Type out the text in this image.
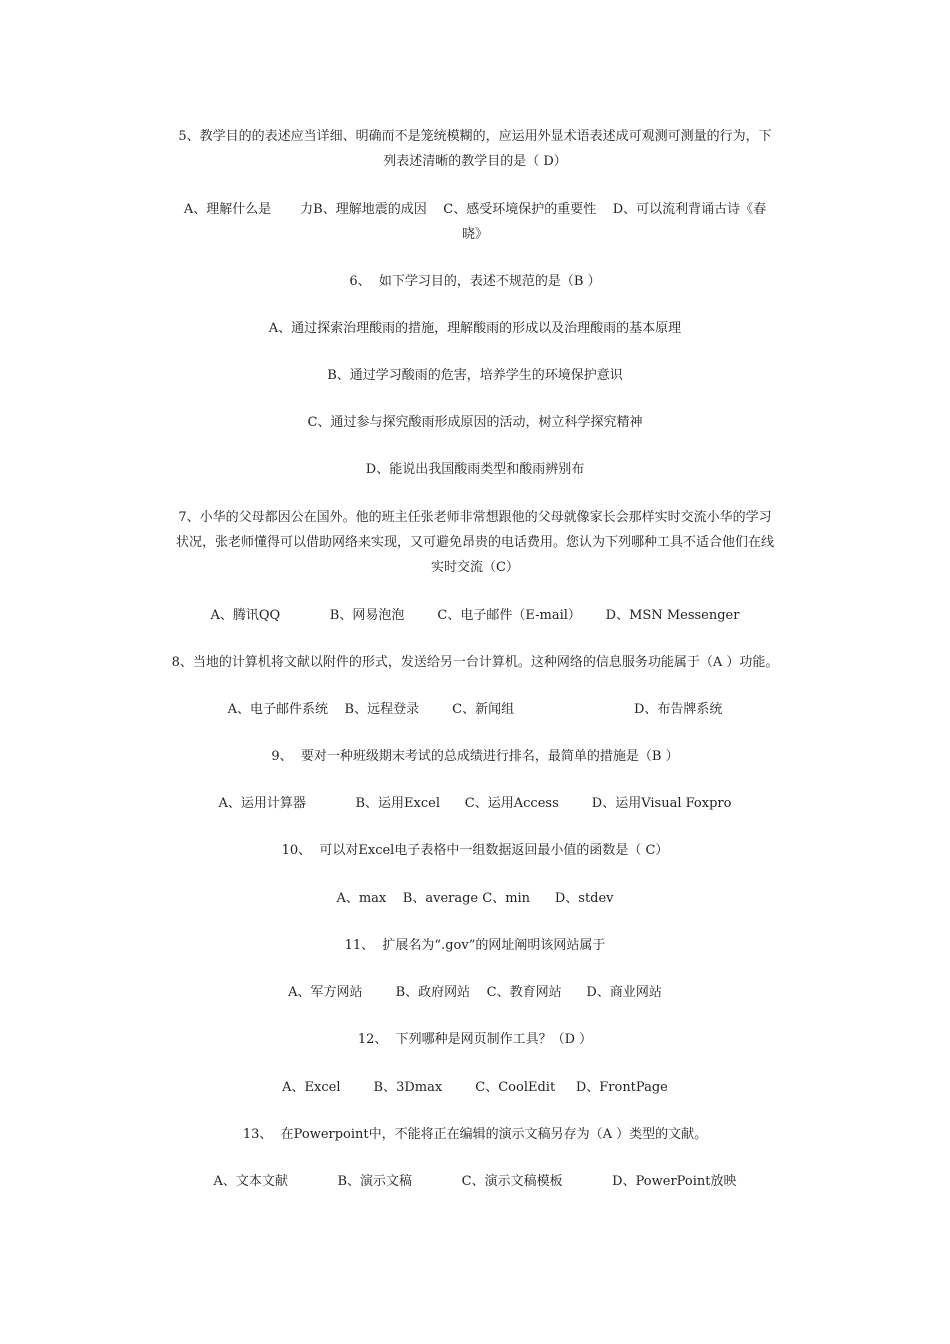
5、教学目的的表述应当详细、明确而不是笼统模糊的，应运用外显术语表述成可观测可测量的行为，下
列表述清晰的教学目的是（ D）
A、理解什么是       力B、理解地震的成因    C、感受环境保护的重要性    D、可以流利背诵古诗《春
晓》
6、  如下学习目的，表述不规范的是（B ）
A、通过探索治理酸雨的措施，理解酸雨的形成以及治理酸雨的基本原理
B、通过学习酸雨的危害，培养学生的环境保护意识
C、通过参与探究酸雨形成原因的活动，树立科学探究精神
D、能说出我国酸雨类型和酸雨辨别布
7、小华的父母都因公在国外。他的班主任张老师非常想跟他的父母就像家长会那样实时交流小华的学习
状况，张老师懂得可以借助网络来实现，又可避免昂贵的电话费用。您认为下列哪种工具不适合他们在线
实时交流（C）
A、腾讯QQ            B、网易泡泡        C、电子邮件（E-mail）      D、MSN Messenger
8、当地的计算机将文献以附件的形式，发送给另一台计算机。这种网络的信息服务功能属于（A ）功能。
A、电子邮件系统    B、远程登录        C、新闻组                             D、布告牌系统
9、  要对一种班级期末考试的总成绩进行排名，最简单的措施是（B ）
A、运用计算器            B、运用Excel      C、运用Access        D、运用Visual Foxpro
10、  可以对Excel电子表格中一组数据返回最小值的函数是（ C）
A、max    B、average C、min      D、stdev
11、  扩展名为“.gov”的网址阐明该网站属于
A、军方网站        B、政府网站    C、教育网站      D、商业网站
12、  下列哪种是网页制作工具？（D ）
A、Excel        B、3Dmax        C、CoolEdit     D、FrontPage
13、  在Powerpoint中，不能将正在编辑的演示文稿另存为（A ）类型的文献。
A、文本文献            B、演示文稿            C、演示文稿模板            D、PowerPoint放映
